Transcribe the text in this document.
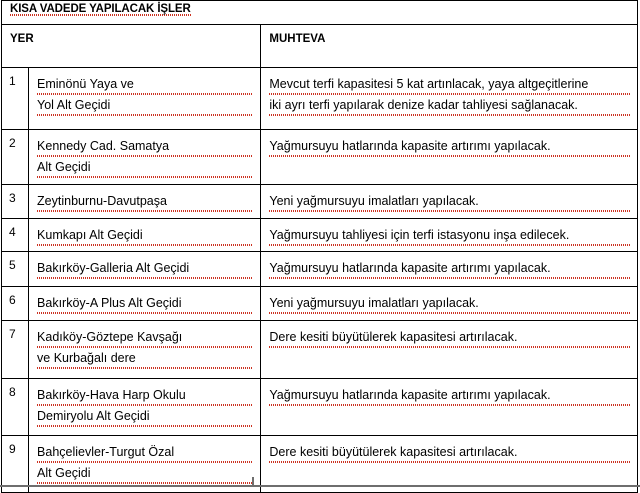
KISA VADEDE YAPILACAK İŞLER		
YER		MUHTEVA
1	Eminönü Yaya ve
Yol Alt Geçidi	Mevcut terfi kapasitesi 5 kat artınlacak, yaya altgeçitlerine
iki ayrı terfi yapılarak denize kadar tahliyesi sağlanacak.

2	Kennedy Cad. Samatya
Alt Geçidi	Yağmursuyu hatlarında kapasite artırımı yapılacak.

3	Zeytinburnu-Davutpaşa	Yeni yağmursuyu imalatları yapılacak.

4	Kumkapı Alt Geçidi	Yağmursuyu tahliyesi için terfi istasyonu inşa edilecek.

5	Bakırköy-Galleria Alt Geçidi	Yağmursuyu hatlarında kapasite artırımı yapılacak.

6	Bakırköy-A Plus Alt Geçidi	Yeni yağmursuyu imalatları yapılacak.

7	Kadıköy-Göztepe Kavşağı
ve Kurbağalı dere	Dere kesiti büyütülerek kapasitesi artırılacak.

8	Bakırköy-Hava Harp Okulu
Demiryolu Alt Geçidi	Yağmursuyu hatlarında kapasite artırımı yapılacak.

9	Bahçelievler-Turgut Özal
Alt Geçidi	Dere kesiti büyütülerek kapasitesi artırılacak.
